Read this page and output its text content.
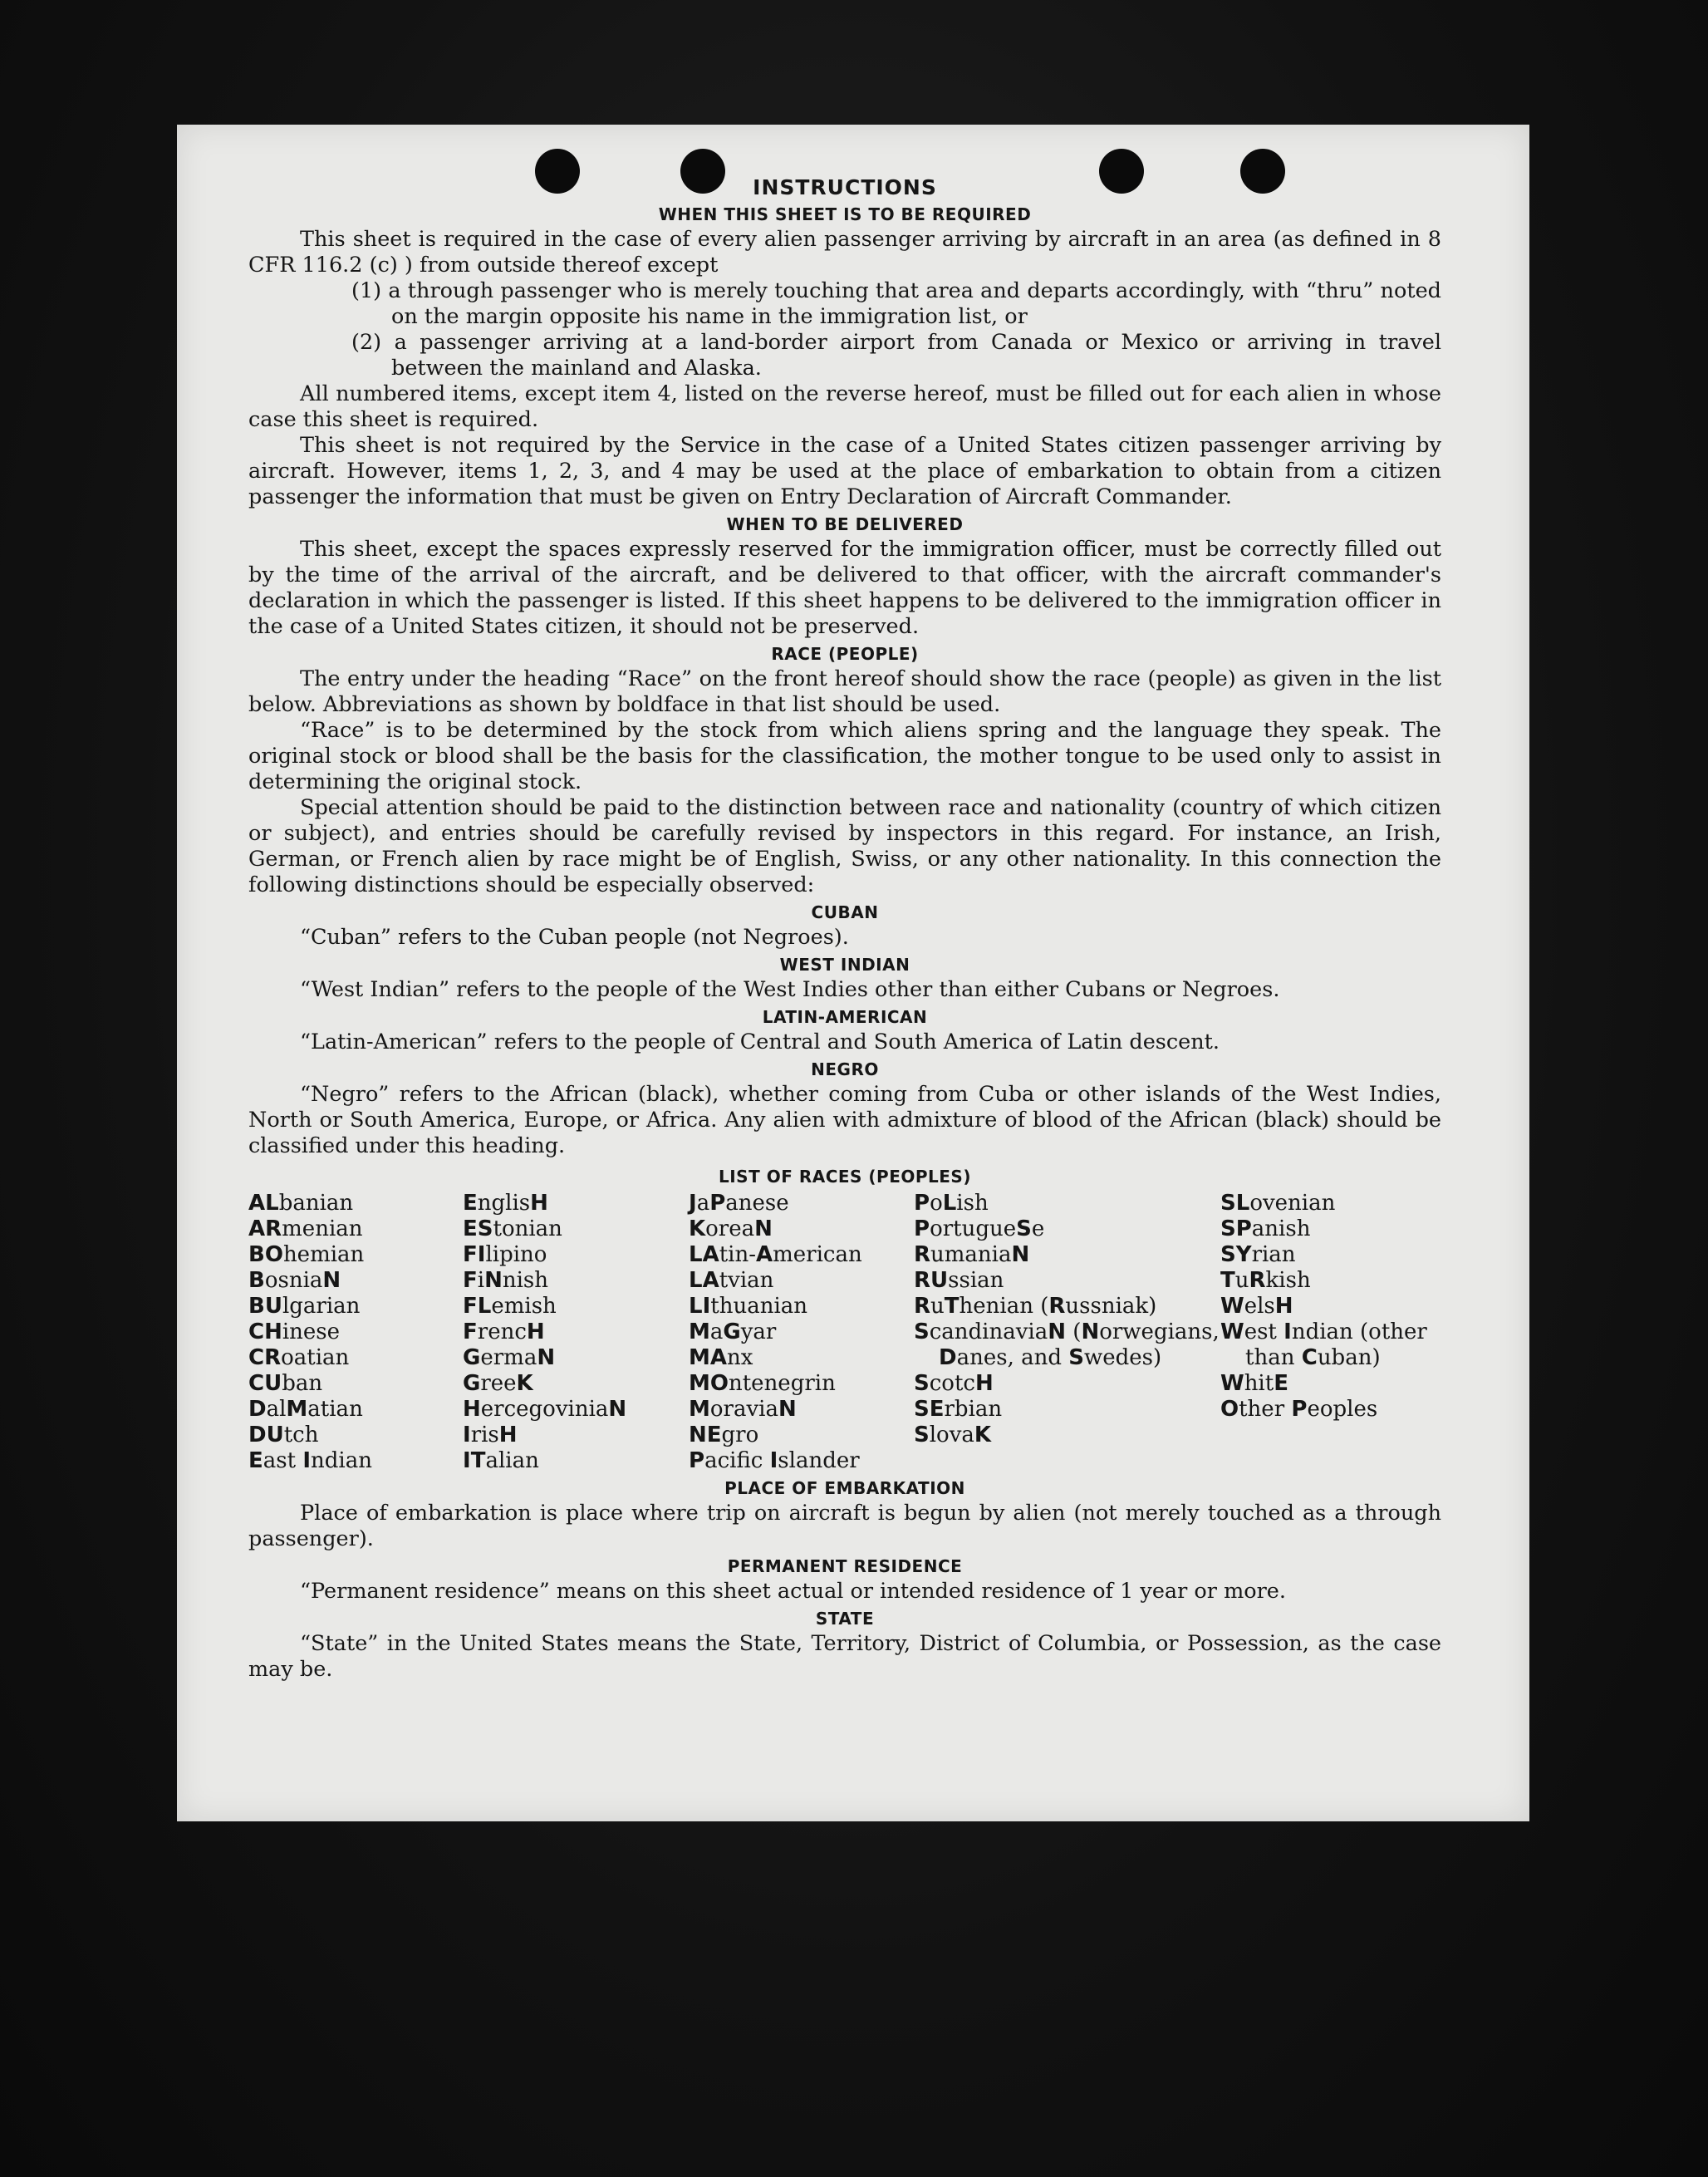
INSTRUCTIONS
WHEN THIS SHEET IS TO BE REQUIRED

This sheet is required in the case of every alien passenger arriving by aircraft in an area (as defined in 8 CFR 116.2 (c) ) from outside thereof except

(1) a through passenger who is merely touching that area and departs accordingly, with “thru” noted on the margin opposite his name in the immigration list, or

(2) a passenger arriving at a land-border airport from Canada or Mexico or arriving in travel between the mainland and Alaska.

All numbered items, except item 4, listed on the reverse hereof, must be filled out for each alien in whose case this sheet is required.

This sheet is not required by the Service in the case of a United States citizen passenger arriving by aircraft. However, items 1, 2, 3, and 4 may be used at the place of embarkation to obtain from a citizen passenger the information that must be given on Entry Declaration of Aircraft Commander.

WHEN TO BE DELIVERED

This sheet, except the spaces expressly reserved for the immigration officer, must be correctly filled out by the time of the arrival of the aircraft, and be delivered to that officer, with the aircraft commander's declaration in which the passenger is listed. If this sheet happens to be delivered to the immigration officer in the case of a United States citizen, it should not be preserved.

RACE (PEOPLE)

The entry under the heading “Race” on the front hereof should show the race (people) as given in the list below. Abbreviations as shown by boldface in that list should be used.

“Race” is to be determined by the stock from which aliens spring and the language they speak. The original stock or blood shall be the basis for the classification, the mother tongue to be used only to assist in determining the original stock.

Special attention should be paid to the distinction between race and nationality (country of which citizen or subject), and entries should be carefully revised by inspectors in this regard. For instance, an Irish, German, or French alien by race might be of English, Swiss, or any other nationality. In this connection the following distinctions should be especially observed:

CUBAN

“Cuban” refers to the Cuban people (not Negroes).

WEST INDIAN

“West Indian” refers to the people of the West Indies other than either Cubans or Negroes.

LATIN-AMERICAN

“Latin-American” refers to the people of Central and South America of Latin descent.

NEGRO

“Negro” refers to the African (black), whether coming from Cuba or other islands of the West Indies, North or South America, Europe, or Africa. Any alien with admixture of blood of the African (black) should be classified under this heading.

LIST OF RACES (PEOPLES)
ALbanian
ARmenian
BOhemian
BosniaN
BUlgarian
CHinese
CRoatian
CUban
DalMatian
DUtch
East Indian
EnglisH
EStonian
FIlipino
FiNnish
FLemish
FrencH
GermaN
GreeK
HercegoviniaN
IrisH
ITalian
JaPanese
KoreaN
LAtin-American
LAtvian
LIthuanian
MaGyar
MAnx
MOntenegrin
MoraviaN
NEgro
Pacific Islander
PoLish
PortugueSe
RumaniaN
RUssian
RuThenian (Russniak)
ScandinaviaN (Norwegians, Danes, and Swedes)
ScotcH
SErbian
SlovaK
SLovenian
SPanish
SYrian
TuRkish
WelsH
West Indian (other than Cuban)
WhitE
Other Peoples
PLACE OF EMBARKATION

Place of embarkation is place where trip on aircraft is begun by alien (not merely touched as a through passenger).

PERMANENT RESIDENCE

“Permanent residence” means on this sheet actual or intended residence of 1 year or more.

STATE

“State” in the United States means the State, Territory, District of Columbia, or Possession, as the case may be.
